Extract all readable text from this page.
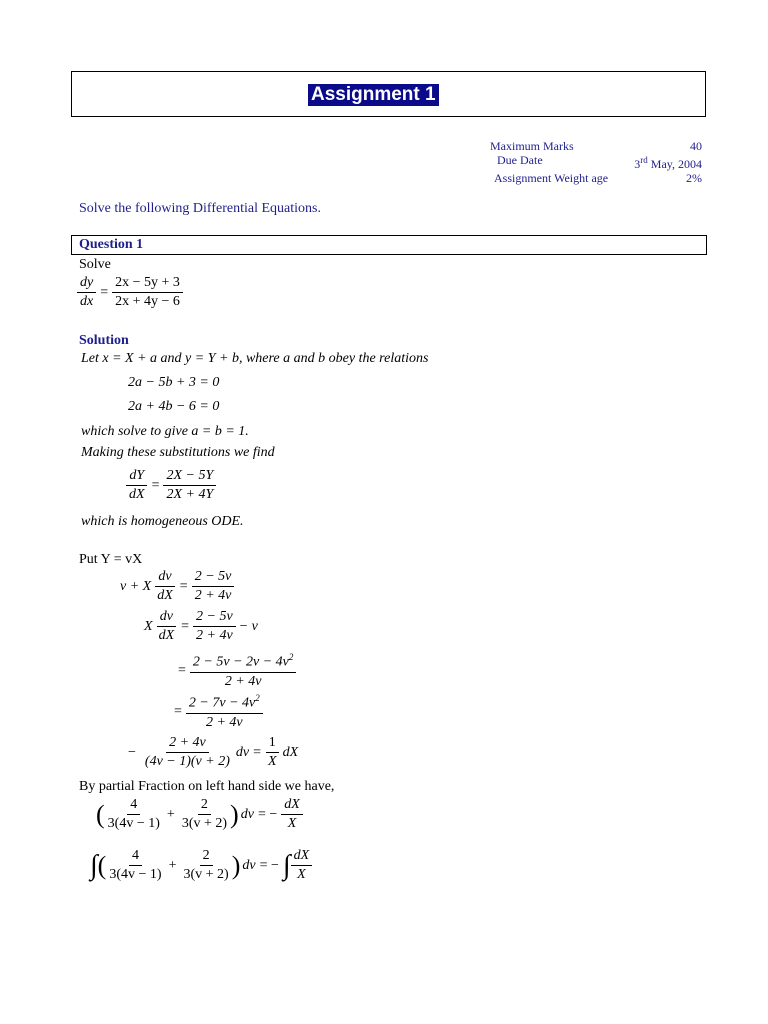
Assignment 1
Maximum Marks	40
Due Date	3rd May, 2004
Assignment Weight age	2%
Solve the following Differential Equations.
Question 1
Solve
$\frac{dy}{dx} = \frac{2x - 5y + 3}{2x + 4y - 6}$
Solution
Let x = X + a and y = Y + b, where a and b obey the relations
2a − 5b + 3 = 0
2a + 4b − 6 = 0
which solve to give a = b = 1.
Making these substitutions we find
$\frac{dY}{dX} = \frac{2X - 5Y}{2X + 4Y}$
which is homogeneous ODE.
Put Y = vX
v + X $\frac{dv}{dX} = \frac{2 - 5v}{2 + 4v}$
X $\frac{dv}{dX} = \frac{2 - 5v}{2 + 4v} - v$
= $\frac{2 - 5v - 2v - 4v^2}{2 + 4v}$
= $\frac{2 - 7v - 4v^2}{2 + 4v}$
− $\frac{2 + 4v}{(4v - 1)(v + 2)}$ dv = $\frac{1}{X}$ dX
By partial Fraction on left hand side we have,
( $\frac{4}{3(4v - 1)} + \frac{2}{3(v + 2)}$ ) dv = − $\frac{dX}{X}$
∫ ( $\frac{4}{3(4v - 1)} + \frac{2}{3(v + 2)}$ ) dv = − ∫ $\frac{dX}{X}$
